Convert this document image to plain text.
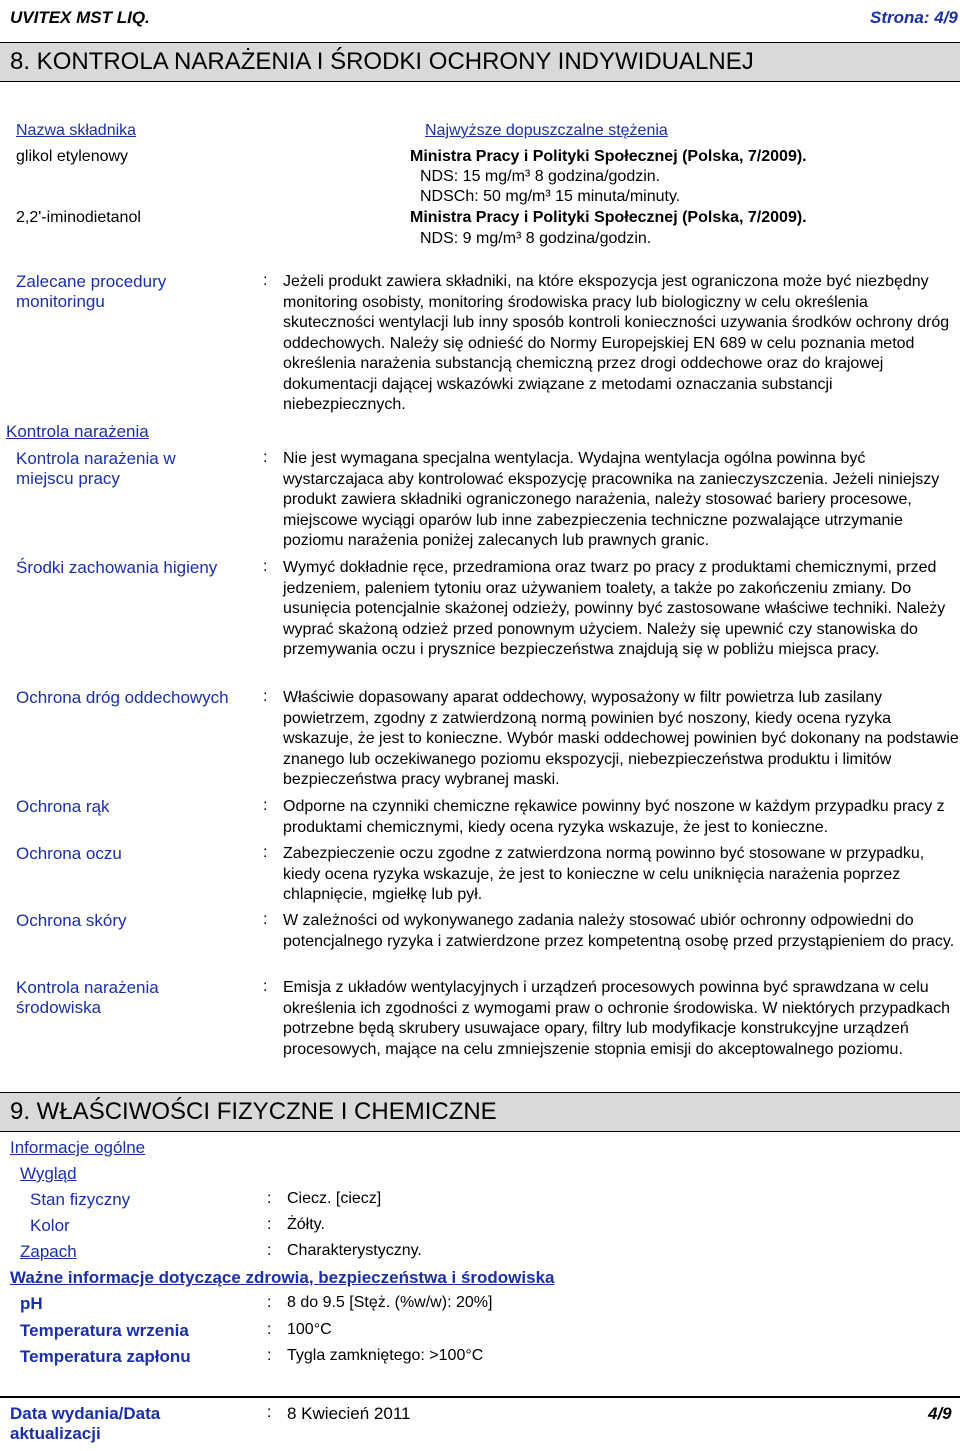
UVITEX MST LIQ.	Strona: 4/9
8. KONTROLA NARAŻENIA I ŚRODKI OCHRONY INDYWIDUALNEJ
Nazwa składnika	Najwyższe dopuszczalne stężenia
glikol etylenowy	Ministra Pracy i Polityki Społecznej (Polska, 7/2009).
NDS: 15 mg/m³ 8 godzina/godzin.
NDSCh: 50 mg/m³ 15 minuta/minuty.
2,2'-iminodietanol	Ministra Pracy i Polityki Społecznej (Polska, 7/2009).
NDS: 9 mg/m³ 8 godzina/godzin.
Zalecane procedury monitoringu
: Jeżeli produkt zawiera składniki, na które ekspozycja jest ograniczona może być niezbędny monitoring osobisty, monitoring środowiska pracy lub biologiczny w celu określenia skuteczności wentylacji lub inny sposób kontroli konieczności uzywania środków ochrony dróg oddechowych. Należy się odnieść do Normy Europejskiej EN 689 w celu poznania metod określenia narażenia substancją chemiczną przez drogi oddechowe oraz do krajowej dokumentacji dającej wskazówki związane z metodami oznaczania substancji niebezpiecznych.
Kontrola narażenia
Kontrola narażenia w miejscu pracy
: Nie jest wymagana specjalna wentylacja. Wydajna wentylacja ogólna powinna być wystarczajaca aby kontrolować ekspozycję pracownika na zanieczyszczenia. Jeżeli niniejszy produkt zawiera składniki ograniczonego narażenia, należy stosować bariery procesowe, miejscowe wyciągi oparów lub inne zabezpieczenia techniczne pozwalające utrzymanie poziomu narażenia poniżej zalecanych lub prawnych granic.
Środki zachowania higieny	: Wymyć dokładnie ręce, przedramiona oraz twarz po pracy z produktami chemicznymi, przed jedzeniem, paleniem tytoniu oraz używaniem toalety, a także po zakończeniu zmiany. Do usunięcia potencjalnie skażonej odzieży, powinny być zastosowane właściwe techniki. Należy wyprać skażoną odzież przed ponownym użyciem. Należy się upewnić czy stanowiska do przemywania oczu i prysznice bezpieczeństwa znajdują się w pobliżu miejsca pracy.
Ochrona dróg oddechowych	: Właściwie dopasowany aparat oddechowy, wyposażony w filtr powietrza lub zasilany powietrzem, zgodny z zatwierdzoną normą powinien być noszony, kiedy ocena ryzyka wskazuje, że jest to konieczne. Wybór maski oddechowej powinien być dokonany na podstawie znanego lub oczekiwanego poziomu ekspozycji, niebezpieczeństwa produktu i limitów bezpieczeństwa pracy wybranej maski.
Ochrona rąk	: Odporne na czynniki chemiczne rękawice powinny być noszone w każdym przypadku pracy z produktami chemicznymi, kiedy ocena ryzyka wskazuje, że jest to konieczne.
Ochrona oczu	: Zabezpieczenie oczu zgodne z zatwierdzona normą powinno być stosowane w przypadku, kiedy ocena ryzyka wskazuje, że jest to konieczne w celu uniknięcia narażenia poprzez chlapnięcie, mgiełkę lub pył.
Ochrona skóry	: W zależności od wykonywanego zadania należy stosować ubiór ochronny odpowiedni do potencjalnego ryzyka i zatwierdzone przez kompetentną osobę przed przystąpieniem do pracy.
Kontrola narażenia środowiska
: Emisja z układów wentylacyjnych i urządzeń procesowych powinna być sprawdzana w celu określenia ich zgodności z wymogami praw o ochronie środowiska. W niektórych przypadkach potrzebne będą skrubery usuwajace opary, filtry lub modyfikacje konstrukcyjne urządzeń procesowych, mające na celu zmniejszenie stopnia emisji do akceptowalnego poziomu.
9. WŁAŚCIWOŚCI FIZYCZNE I CHEMICZNE
Informacje ogólne
Wygląd
Stan fizyczny	: Ciecz. [ciecz]
Kolor	: Żółty.
Zapach	: Charakterystyczny.
Ważne informacje dotyczące zdrowia, bezpieczeństwa i środowiska
pH	: 8 do 9.5 [Stęż. (%w/w): 20%]
Temperatura wrzenia	: 100°C
Temperatura zapłonu	: Tygla zamkniętego: >100°C
Data wydania/Data aktualizacji
: 8 Kwiecień 2011	4/9
